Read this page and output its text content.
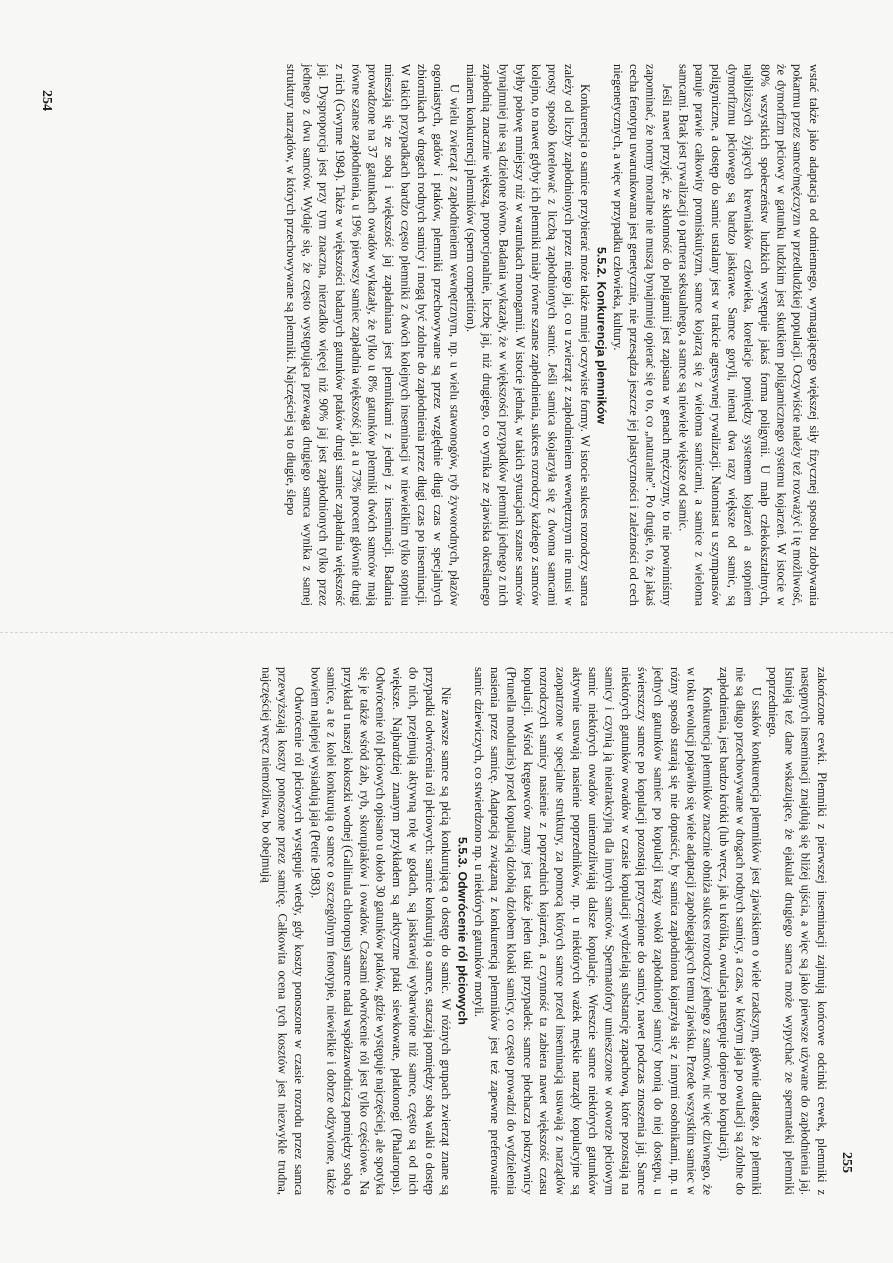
254	wstać także jako adaptacja od odmiennego, wymagającego większej siły fizycznej sposobu zdobywania pokarmu przez samce/mężczyzn w przedludzkiej populacji. Oczywiście należy też rozważyć i tę możliwość, że dymorfizm płciowy w gatunku ludzkim jest skutkiem poligamicznego systemu kojarzeń. W istocie w 80% wszystkich społeczeństw ludzkich występuje jakaś forma poligynii. U małp człekokształtnych, najbliższych żyjących krewniaków człowieka, korelacje pomiędzy systemem kojarzeń a stopniem dymorfizmu płciowego są bardzo jaskrawe. Samce goryli, niemal dwa razy większe od samic, są poligyniczne, a dostęp do samic ustalany jest w trakcie agresywnej rywalizacji. Natomiast u szympansów panuje prawie całkowity promiskuityzm, samce kojarzą się z wieloma samicami, a samice z wieloma samcami. Brak jest rywalizacji o partnera seksualnego, a samce są niewiele większe od samic.

Jeśli nawet przyjąć, że skłonność do poligamii jest zapisana w genach mężczyzny, to nie powinniśmy zapominać, że normy moralne nie muszą bynajmniej opierać się o to, co „naturalne”. Po drugie, to, że jakaś cecha fenotypu uwarunkowana jest genetycznie, nie przesądza jeszcze jej plastyczności i zależności od cech niegenetycznych, a więc w przypadku człowieka, kultury.

5.5.2. Konkurencja plemników

Konkurencja o samice przybierać może także mniej oczywiste formy. W istocie sukces rozrodczy samca zależy od liczby zapłodnionych przez niego jaj, co u zwierząt z zapłodnieniem wewnętrznym nie musi w prosty sposób korelować z liczbą zapłodnionych samic. Jeśli samica skojarzyła się z dwoma samcami kolejno, to nawet gdyby ich plemniki miały równe szanse zapłodnienia, sukces rozrodczy każdego z samców byłby połowę mniejszy niż w warunkach monogamii. W istocie jednak, w takich sytuacjach szanse samców bynajmniej nie są dzielone równo. Badania wykazały, że w większości przypadków plemniki jednego z nich zapłodnią znacznie większą, proporcjonalnie, liczbę jaj, niż drugiego, co wynika ze zjawiska określanego mianem konkurencji plemników (sperm competition).

U wielu zwierząt z zapłodnieniem wewnętrznym, np. u wielu stawonogów, ryb żyworodnych, płazów ogoniastych, gadów i ptaków, plemniki przechowywane są przez względnie długi czas w specjalnych zbiornikach w drogach rodnych samicy i mogą być zdolne do zapłodnienia przez długi czas po inseminacji. W takich przypadkach bardzo często plemniki z dwóch kolejnych inseminacji w niewielkim tylko stopniu mieszają się ze sobą i większość jaj zapładniana jest plemnikami z jednej z inseminacji. Badania prowadzone na 37 gatunkach owadów wykazały, że tylko u 8% gatunków plemniki dwóch samców mają równe szanse zapłodnienia, u 19% pierwszy samiec zapładnia większość jaj, a u 73% procent głównie drugi z nich (Gwynne 1984). Także w większości badanych gatunków ptaków drugi samiec zapładnia większość jaj. Dysproporcja jest przy tym znaczna, nierzadko więcej niż 90% jaj jest zapłodnionych tylko przez jednego z dwu samców. Wydaje się, że często występująca przewaga drugiego samca wynika z samej struktury narządów, w których przechowywane są plemniki. Najczęściej są to długie, ślepo

zakończone cewki. Plemniki z pierwszej inseminacji zajmują końcowe odcinki cewek, plemniki z następnych inseminacji znajdują się bliżej ujścia, a więc są jako pierwsze używane do zapłodnienia jaj. Istnieją też dane wskazujące, że ejakulat drugiego samca może wypychać ze spermateki plemniki poprzedniego.

U ssaków konkurencja plemników jest zjawiskiem o wiele rzadszym, głównie dlatego, że plemniki nie są długo przechowywane w drogach rodnych samicy, a czas, w którym jaja po owulacji są zdolne do zapłodnienia, jest bardzo krótki (lub wręcz, jak u królika, owulacja następuje dopiero po kopulacji).

Konkurencja plemników znacznie obniża sukces rozrodczy jednego z samców, nic więc dziwnego, że w toku ewolucji pojawiło się wiele adaptacji zapobiegających temu zjawisku. Przede wszystkim samiec w różny sposób starają się nie dopuścić, by samica zapłodniona kojarzyła się z innymi osobnikami, np. u jednych gatunków samiec po kopulacji krąży wokół zapłodnionej samicy bronią do niej dostępu, u świerszczy samce po kopulacji pozostają przyczepione do samicy, nawet podczas znoszenia jaj. Samce niektórych gatunków owadów w czasie kopulacji wydzielają substancję zapachową, które pozostają na samicy i czynią ją nieatrakcyjną dla innych samców. Spermatofory umieszczone w otworze płciowym samic niektórych owadów uniemożliwiają dalsze kopulacje. Wreszcie samce niektórych gatunków aktywnie usuwają nasienie poprzedników, np. u niektórych ważek męskie narządy kopulacyjne są zaopatrzone w specjalne struktury, za pomocą których samce przed inseminacją usuwają z narządów rozrodczych samicy nasienie z poprzednich kojarzeń, a czynność ta zabiera nawet większość czasu kopulacji. Wśród kręgowców znany jest także jeden taki przypadek: samce płochacza pokrzywnicy (Prunella modularis) przed kopulacją dziobią dziobem kloaki samicy, co często prowadzi do wydzielenia nasienia przez samicę. Adaptacją związaną z konkurencją plemników jest też zapewne preferowanie samic dziewiczych, co stwierdzono np. u niektórych gatunków motyli.

5.5.3. Odwrócenie ról płciowych

Nie zawsze samce są płcią konkurującą o dostęp do samic. W różnych grupach zwierząt znane są przypadki odwrócenia ról płciowych: samice konkurują o samce, staczają pomiędzy sobą walki o dostęp do nich, przejmują aktywną rolę w godach, są jaskrawiej wybarwione niż samce, często są od nich większe. Najbardziej znanym przykładem są arktyczne ptaki siewkowate, płatkonogi (Phalaropus). Odwrócenie ról płciowych opisano u około 30 gatunków ptaków, gdzie występuje najczęściej, ale spotyka się je także wśród żab, ryb, skorupiaków i owadów. Czasami odwrócenie ról jest tylko częściowe. Na przykład u naszej kokoszki wodnej (Gallinula chloropus) samce nadal współzawodniczą pomiędzy sobą o samice, a te z kolei konkurują o samce o szczególnym fenotypie, niewielkie i dobrze odżywione, także bowiem najlepiej wysiadują jaja (Petrie 1983).

Odwrócenie ról płciowych występuje wtedy, gdy koszty ponoszone w czasie rozrodu przez samca przewyższają koszty ponoszone przez samicę. Całkowita ocena tych kosztów jest niezwykle trudna, najczęściej wręcz niemożliwa, bo obejmują

255
